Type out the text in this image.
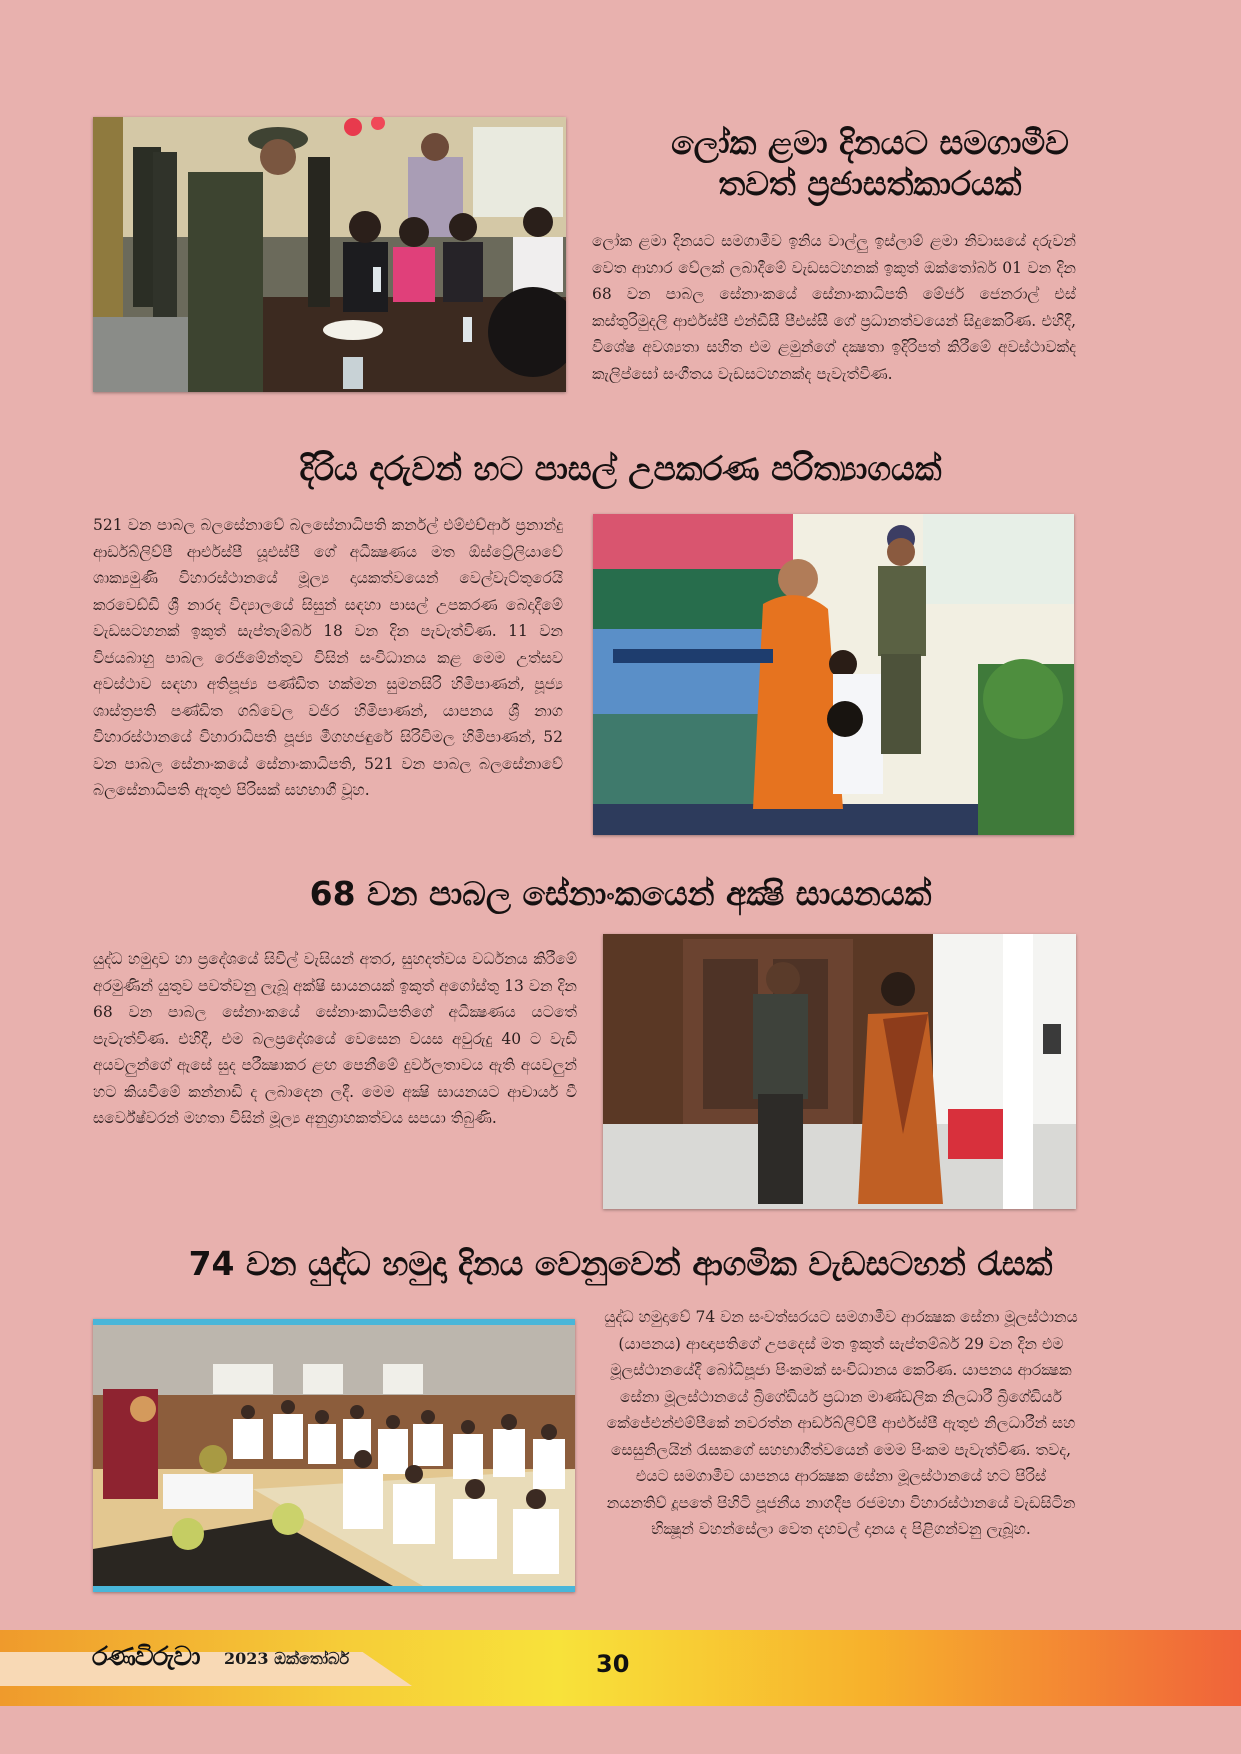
ලෝක ළමා දිනයට සමගාමීව
තවත් ප්‍රජාසත්කාරයක්

ලෝක ළමා දිනයට සමගාමීව ඉනිය වාල්ලු ඉස්ලාම් ළමා නිවාසයේ දරුවන් වෙත ආහාර වේලක් ලබාදීමේ වැඩසටහනක් ඉකුත් ඔක්තෝබර් 01 වන දින 68 වන පාබල සේනාංකයේ සේනාංකාධිපති මේජර් ජෙනරාල් එස් කස්තුරිමුදලි ආර්එස්පී එන්ඩීසී පීඑස්සී ගේ ප්‍රධානත්වයෙන් සිදුකෙරිණ. එහිදී, විශේෂ අවශ්‍යතා සහිත එම ළමුන්ගේ දක්‍ෂතා ඉදිරිපත් කිරීමේ අවස්ථාවක්ද කැලිප්සෝ සංගීතය වැඩසටහනක්ද පැවැත්විණ.

දිරිය දරුවන් හට පාසල් උපකරණ පරිත්‍යාගයක්

521 වන පාබල බලසේනාවේ බලසේනාධිපති කර්නල් එම්එච්ආර් ප්‍රනාන්දු ආර්ඩබ්ලිව්පී ආර්එස්පී යූඑස්පී ගේ අධීක්‍ෂණය මත ඕස්ට්‍රේලියාවේ ශාක්‍යමුණි විහාරස්ථානයේ මූල්‍ය දායකත්වයෙන් වෙල්වැට්තුරෙයි කරවෙඩ්ඩි ශ්‍රී නාරද විද්‍යාලයේ සිසුන් සඳහා පාසල් උපකරණ බෙදාදීමේ වැඩසටහනක් ඉකුත් සැප්තැම්බර් 18 වන දින පැවැත්විණ. 11 වන විජයබාහු පාබල රෙජිමේන්තුව විසින් සංවිධානය කළ මෙම උත්සව අවස්ථාව සඳහා අතිපූජ්‍ය පණ්ඩිත හක්මන සුමනසිරි හිමිපාණන්, පූජ්‍ය ශාස්ත්‍රපති පණ්ඩිත ගබ්වෙල වජිර හිමිපාණන්, යාපනය ශ්‍රී නාග විහාරස්ථානයේ විහාරාධිපති පූජ්‍ය මීගහජඳුරේ සිරිවිමල හිමිපාණන්, 52 වන පාබල සේනාංකයේ සේනාංකාධිපති, 521 වන පාබල බලසේනාවේ බලසේනාධිපති ඇතුළු පිරිසක් සහභාගී වූහ.

68 වන පාබල සේනාංකයෙන් අක්‍ෂි සායනයක්

යුද්ධ හමුදාව හා ප්‍රදේශයේ සිවිල් වැසියන් අතර, සුහදත්වය වර්ධනය කිරීමේ අරමුණින් යුතුව පවත්වනු ලැබූ අක්ෂි සායනයක් ඉකුත් අගෝස්තු 13 වන දින 68 වන පාබල සේනාංකයේ සේනාංකාධිපතිගේ අධීක්‍ෂණය යටතේ පැවැත්විණ. එහිදී, එම බලප්‍රදේශයේ වෙසෙන වයස අවුරුදු 40 ට වැඩි අයවලුන්ගේ ඇසේ සුද පරීක්‍ෂාකර ළඟ පෙනීමේ දුර්වලතාවය ඇති අයවලුන් හට කියවීමේ කන්නාඩි ද ලබාදෙන ලදී. මෙම අක්‍ෂි සායනයට ආචාර්ය වී සර්වේෂ්වරන් මහතා විසින් මූල්‍ය අනුග්‍රාහකත්වය සපයා තිබුණි.

74 වන යුද්ධ හමුදා දිනය වෙනුවෙන් ආගමික වැඩසටහන් රැසක්

යුද්ධ හමුදාවේ 74 වන සංවත්සරයට සමගාමීව ආරක්‍ෂක සේනා මූලස්ථානය (යාපනය) ආඥාපතිගේ උපදෙස් මත ඉකුත් සැප්තම්බර් 29 වන දින එම මූලස්ථානයේදී බෝධිපූජා පිංකමක් සංවිධානය කෙරිණ. යාපනය ආරක්‍ෂක සේනා මූලස්ථානයේ බ්‍රිගේඩියර් ප්‍රධාන මාණ්ඩලික නිලධාරී බ්‍රිගේඩියර් කේජේඑන්එම්පීකේ නවරත්න ආර්ඩබ්ලිව්පී ආර්එස්පී ඇතුළු නිලධාරීන් සහ සෙසුනිලයින් රැසකගේ සහභාගීත්වයෙන් මෙම පිංකම පැවැත්විණ. තවද, එයට සමගාමීව යාපනය ආරක්‍ෂක සේනා මූලස්ථානයේ හට පිරිස් නයනතිව් දූපතේ පිහිටි පූජනීය නාගදීප රජමහා විහාරස්ථානයේ වැඩසිටින භික්‍ෂූන් වහන්සේලා වෙත දහවල් දානය ද පිළිගන්වනු ලැබූහ.

රණවිරුවා 2023 ඔක්තෝබර්	30
